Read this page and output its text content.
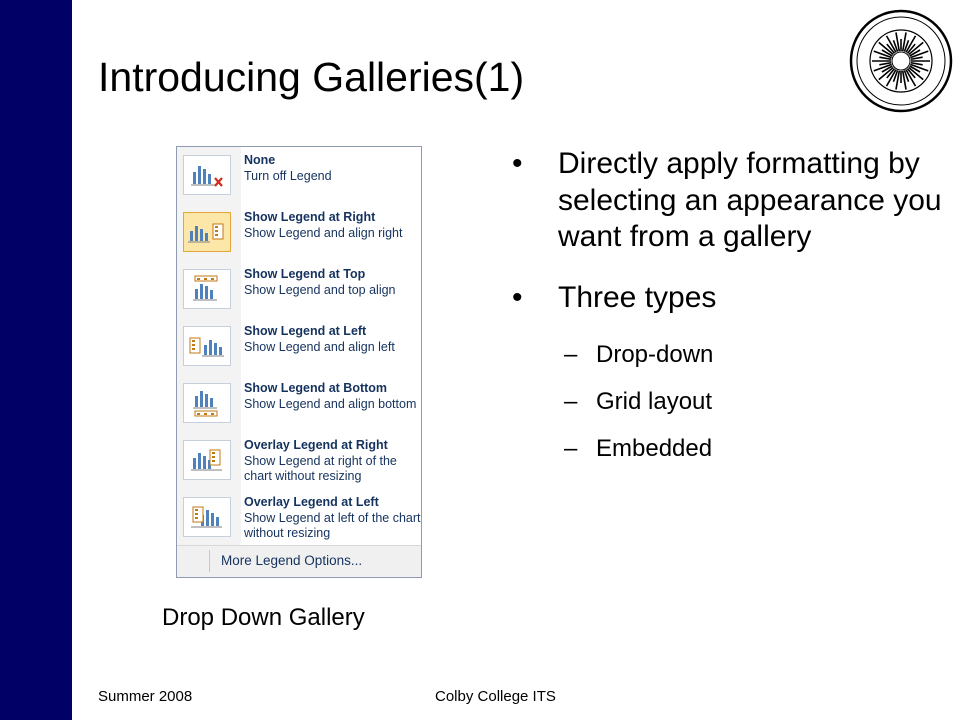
Introducing Galleries(1)
None
Turn off Legend
Show Legend at Right
Show Legend and align right
Show Legend at Top
Show Legend and top align
Show Legend at Left
Show Legend and align left
Show Legend at Bottom
Show Legend and align bottom
Overlay Legend at Right
Show Legend at right of the chart without resizing
Overlay Legend at Left
Show Legend at left of the chart without resizing
More Legend Options...
Drop Down Gallery
• Directly apply formatting by selecting an appearance you want from a gallery
• Three types
– Drop-down
– Grid layout
– Embedded
Summer 2008	Colby College ITS
